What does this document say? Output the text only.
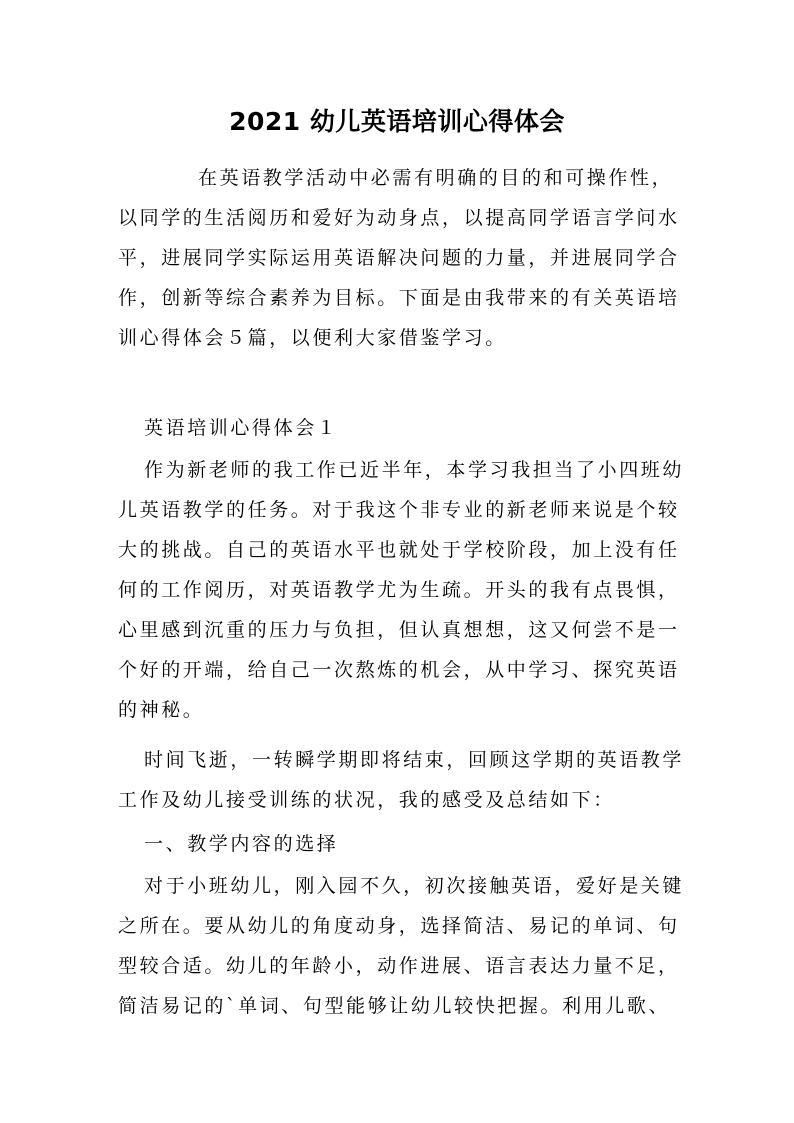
2021 幼儿英语培训心得体会
在英语教学活动中必需有明确的目的和可操作性，
以同学的生活阅历和爱好为动身点，以提高同学语言学问水
平，进展同学实际运用英语解决问题的力量，并进展同学合
作，创新等综合素养为目标。下面是由我带来的有关英语培
训心得体会５篇，以便利大家借鉴学习。
英语培训心得体会１
作为新老师的我工作已近半年，本学习我担当了小四班幼
儿英语教学的任务。对于我这个非专业的新老师来说是个较
大的挑战。自己的英语水平也就处于学校阶段，加上没有任
何的工作阅历，对英语教学尤为生疏。开头的我有点畏惧，
心里感到沉重的压力与负担，但认真想想，这又何尝不是一
个好的开端，给自己一次熬炼的机会，从中学习、探究英语
的神秘。
时间飞逝，一转瞬学期即将结束，回顾这学期的英语教学
工作及幼儿接受训练的状况，我的感受及总结如下：
一、教学内容的选择
对于小班幼儿，刚入园不久，初次接触英语，爱好是关键
之所在。要从幼儿的角度动身，选择简洁、易记的单词、句
型较合适。幼儿的年龄小，动作进展、语言表达力量不足，
简洁易记的`单词、句型能够让幼儿较快把握。利用儿歌、
